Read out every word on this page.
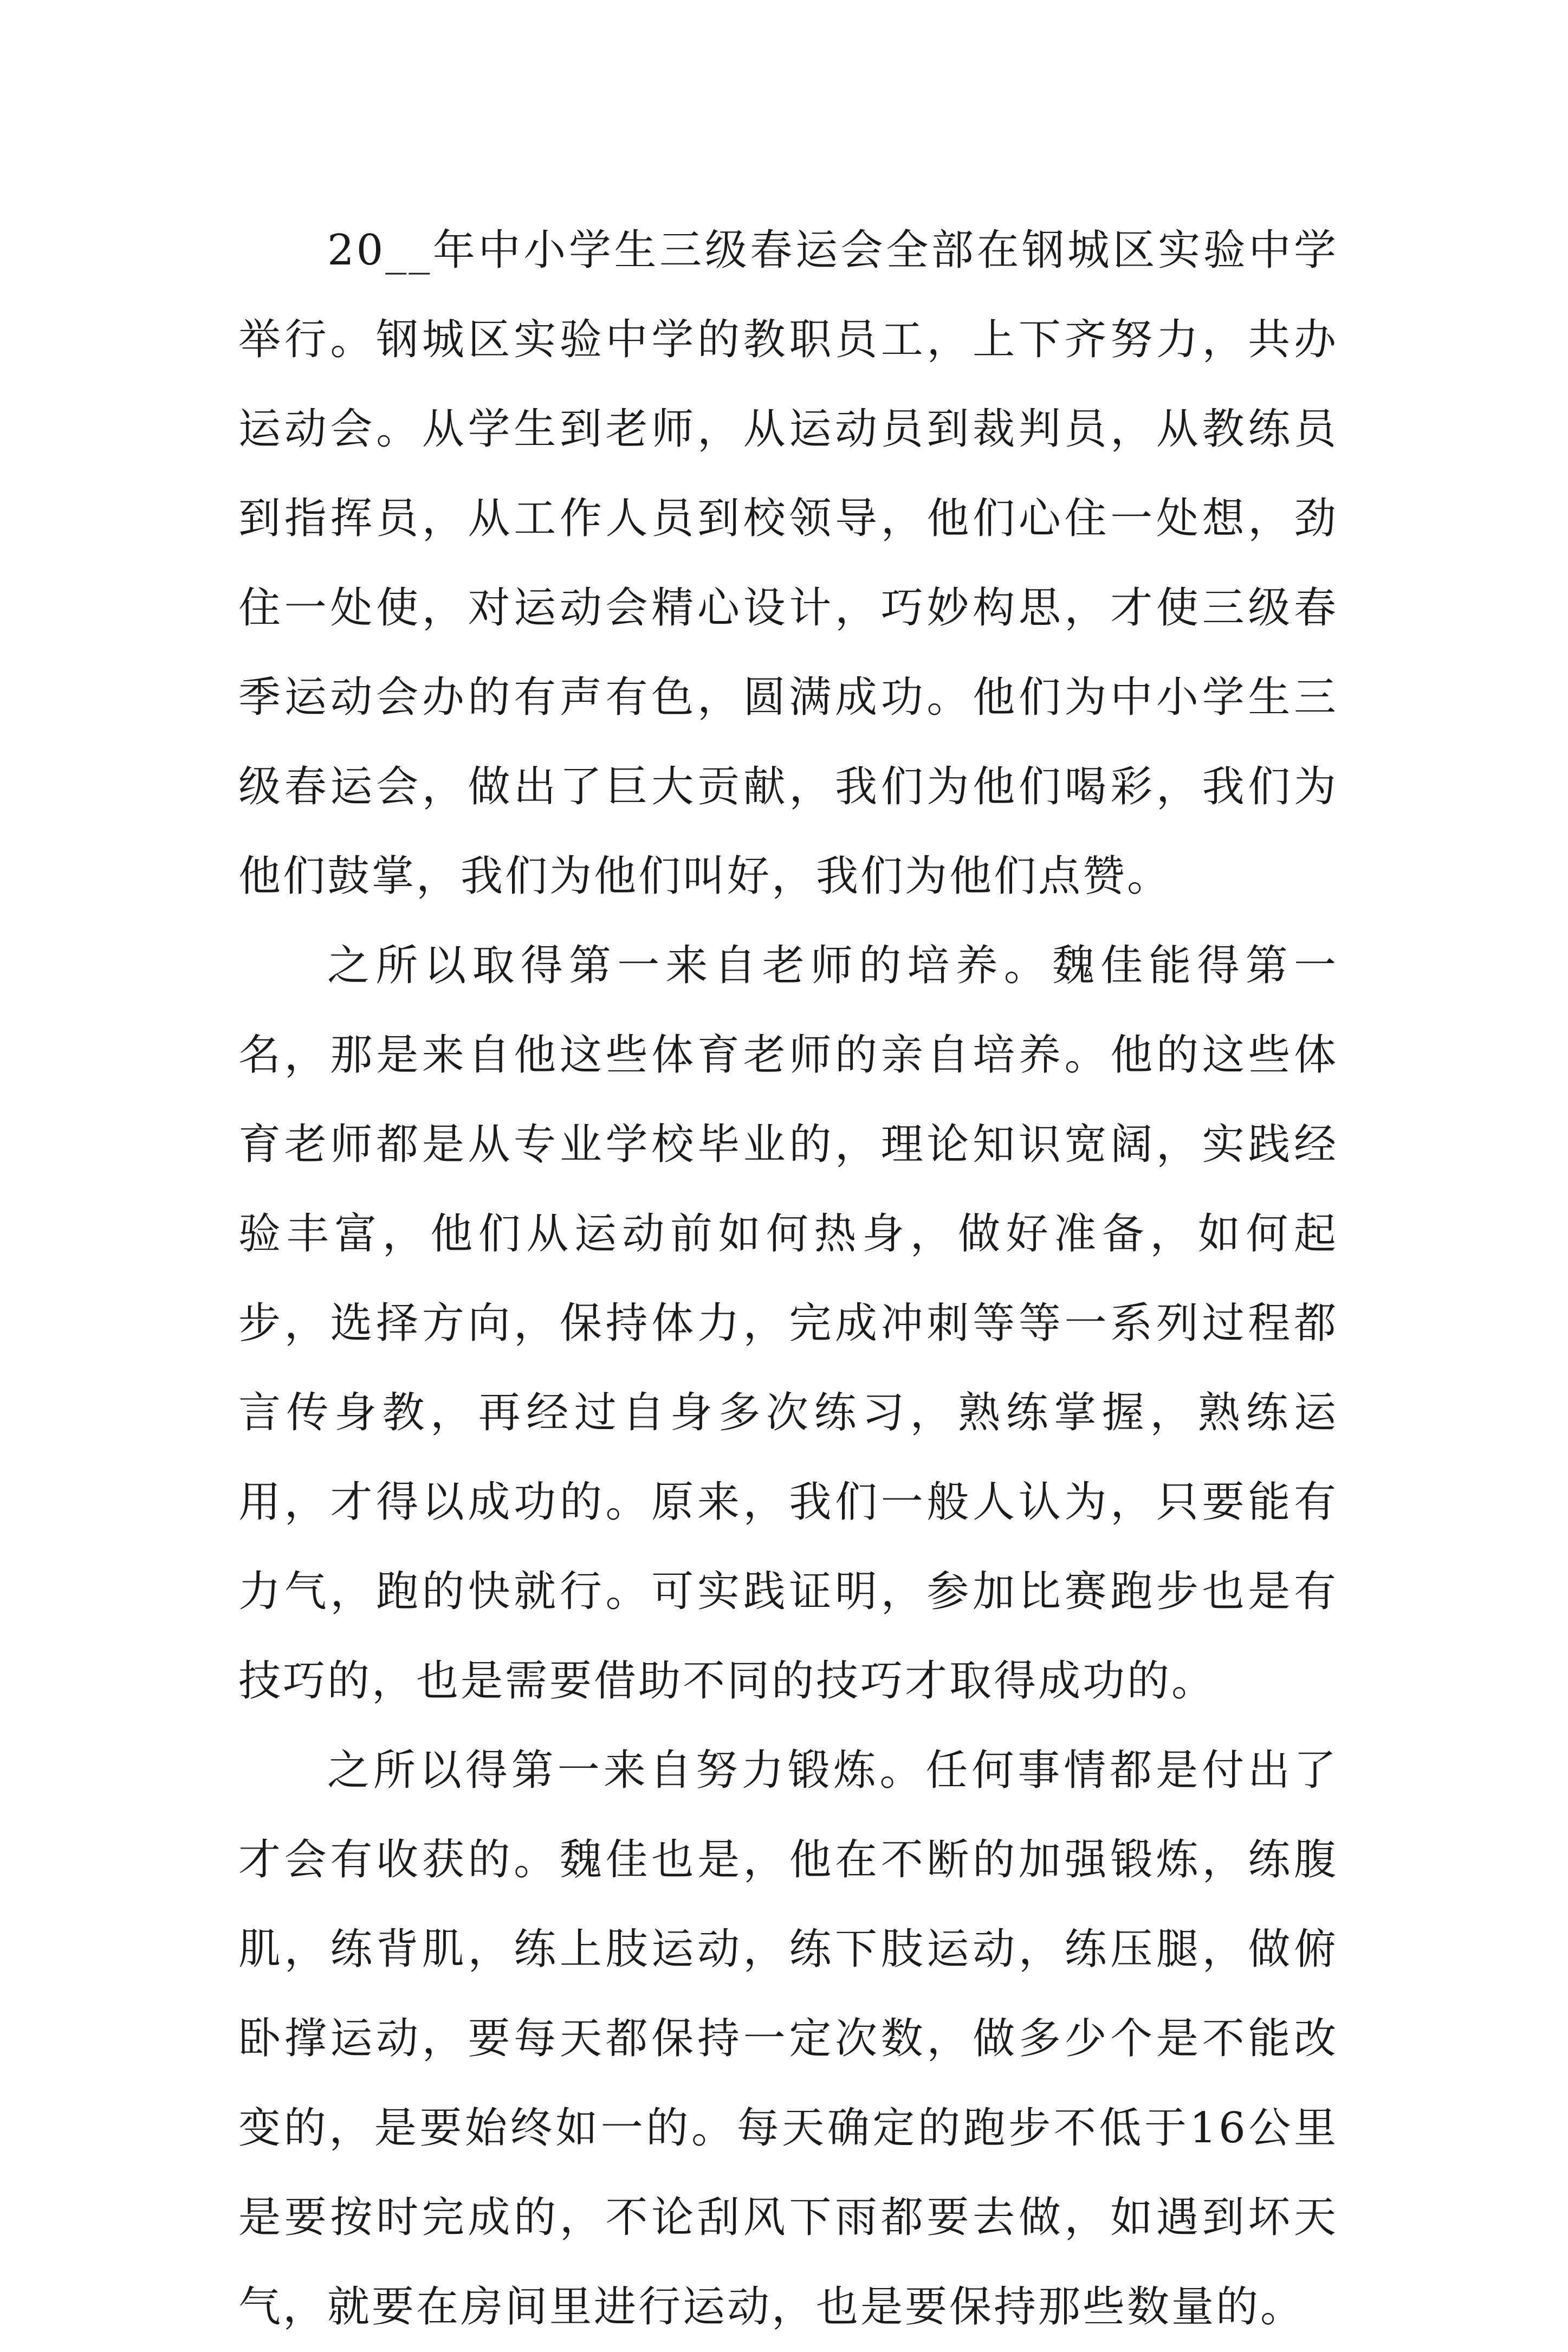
20__年中小学生三级春运会全部在钢城区实验中学举行。钢城区实验中学的教职员工，上下齐努力，共办运动会。从学生到老师，从运动员到裁判员，从教练员到指挥员，从工作人员到校领导，他们心住一处想，劲住一处使，对运动会精心设计，巧妙构思，才使三级春季运动会办的有声有色，圆满成功。他们为中小学生三级春运会，做出了巨大贡献，我们为他们喝彩，我们为他们鼓掌，我们为他们叫好，我们为他们点赞。

之所以取得第一来自老师的培养。魏佳能得第一名，那是来自他这些体育老师的亲自培养。他的这些体育老师都是从专业学校毕业的，理论知识宽阔，实践经验丰富，他们从运动前如何热身，做好准备，如何起步，选择方向，保持体力，完成冲刺等等一系列过程都言传身教，再经过自身多次练习，熟练掌握，熟练运用，才得以成功的。原来，我们一般人认为，只要能有力气，跑的快就行。可实践证明，参加比赛跑步也是有技巧的，也是需要借助不同的技巧才取得成功的。

之所以得第一来自努力锻炼。任何事情都是付出了才会有收获的。魏佳也是，他在不断的加强锻炼，练腹肌，练背肌，练上肢运动，练下肢运动，练压腿，做俯卧撑运动，要每天都保持一定次数，做多少个是不能改变的，是要始终如一的。每天确定的跑步不低于16公里是要按时完成的，不论刮风下雨都要去做，如遇到坏天气，就要在房间里进行运动，也是要保持那些数量的。
